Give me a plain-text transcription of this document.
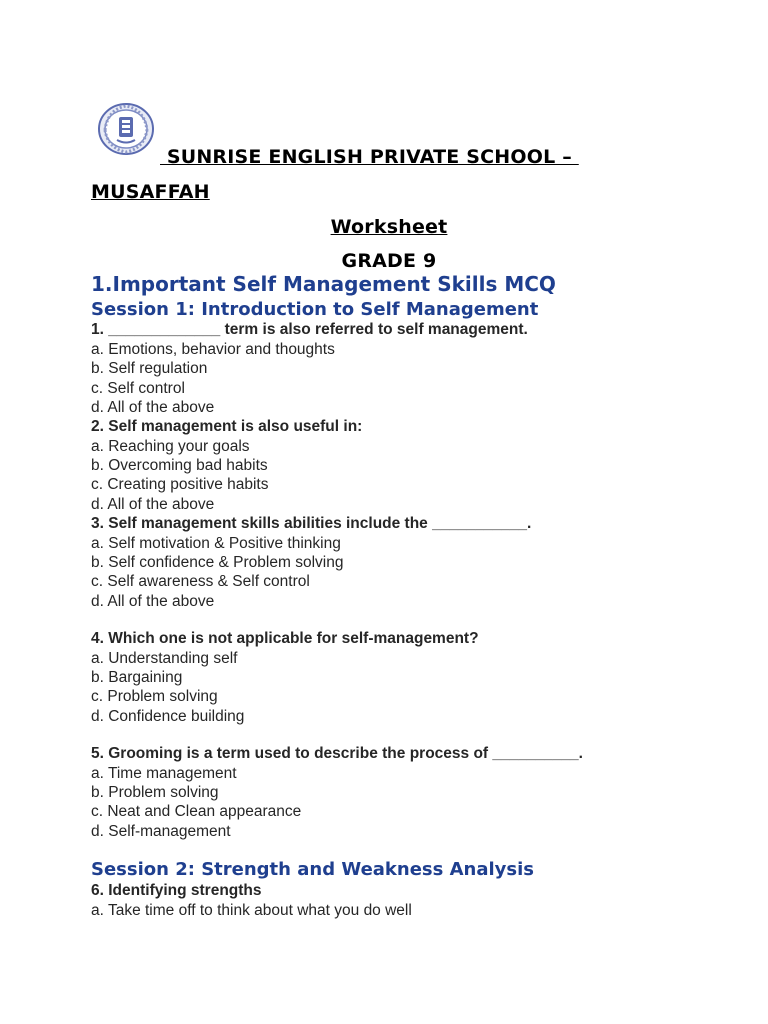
SUNRISE ENGLISH PRIVATE SCHOOL –
MUSAFFAH
Worksheet
GRADE 9
1.Important Self Management Skills MCQ
Session 1: Introduction to Self Management
1. _____________ term is also referred to self management.
a. Emotions, behavior and thoughts
b. Self regulation
c. Self control
d. All of the above
2. Self management is also useful in:
a. Reaching your goals
b. Overcoming bad habits
c. Creating positive habits
d. All of the above
3. Self management skills abilities include the ___________.
a. Self motivation & Positive thinking
b. Self confidence & Problem solving
c. Self awareness & Self control
d. All of the above
4. Which one is not applicable for self-management?
a. Understanding self
b. Bargaining
c. Problem solving
d. Confidence building
5. Grooming is a term used to describe the process of __________.
a. Time management
b. Problem solving
c. Neat and Clean appearance
d. Self-management
Session 2: Strength and Weakness Analysis
6. Identifying strengths
a. Take time off to think about what you do well
